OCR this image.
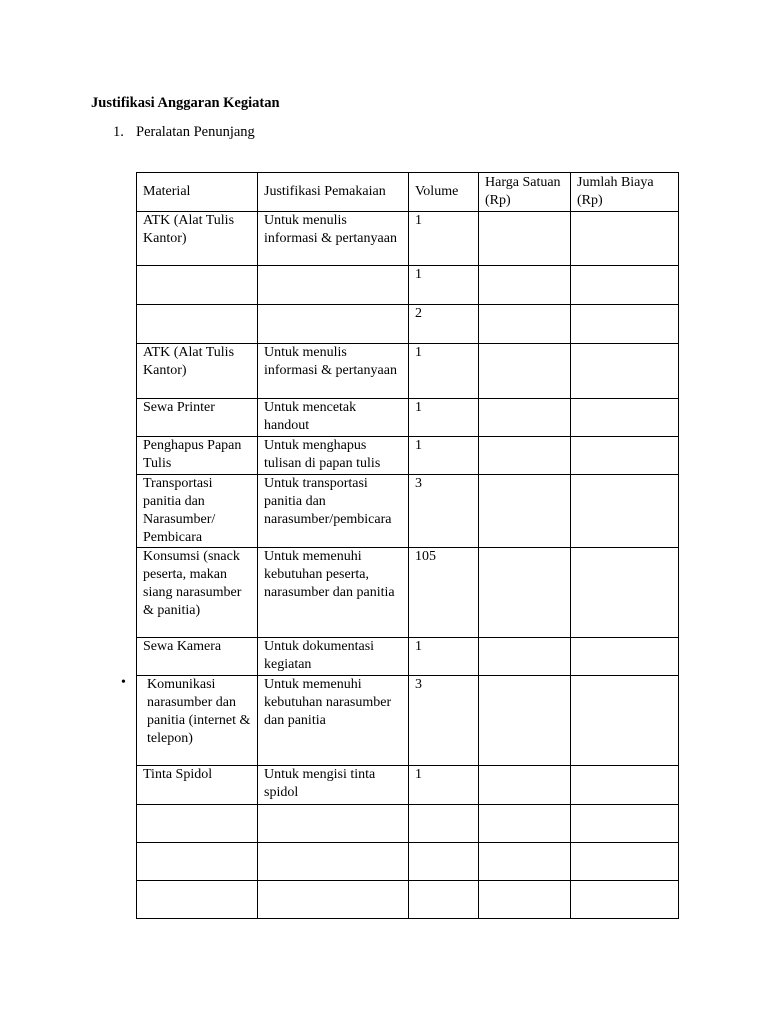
Justifikasi Anggaran Kegiatan
1. Peralatan Penunjang
•
Material	Justifikasi Pemakaian	Volume	Harga Satuan (Rp)	Jumlah Biaya (Rp)
ATK (Alat Tulis Kantor)	Untuk menulis informasi & pertanyaan	1		
		1		
		2		
ATK (Alat Tulis Kantor)	Untuk menulis informasi & pertanyaan	1		
Sewa Printer	Untuk mencetak handout	1		
Penghapus Papan Tulis	Untuk menghapus tulisan di papan tulis	1		
Transportasi panitia dan Narasumber/ Pembicara	Untuk transportasi panitia dan narasumber/pembicara	3		
Konsumsi (snack peserta, makan siang narasumber & panitia)	Untuk memenuhi kebutuhan peserta, narasumber dan panitia	105		
Sewa Kamera	Untuk dokumentasi kegiatan	1		
Komunikasi narasumber dan panitia (internet & telepon)	Untuk memenuhi kebutuhan narasumber dan panitia	3		
Tinta Spidol	Untuk mengisi tinta spidol	1		
